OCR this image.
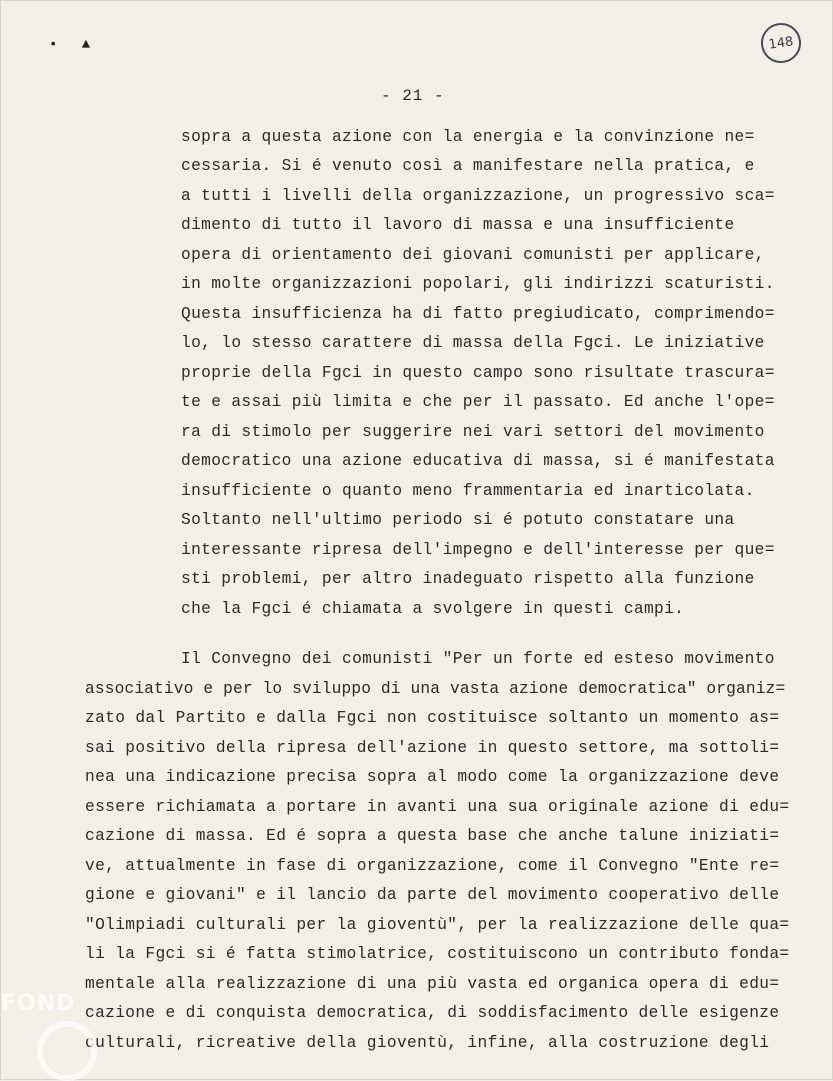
• ▲	148
- 21 -
sopra a questa azione con la energia e la convinzione ne=
cessaria. Si é venuto così a manifestare nella pratica, e
a tutti i livelli della organizzazione, un progressivo sca=
dimento di tutto il lavoro di massa e una insufficiente
opera di orientamento dei giovani comunisti per applicare,
in molte organizzazioni popolari, gli indirizzi scaturisti.
Questa insufficienza ha di fatto pregiudicato, comprimendo=
lo, lo stesso carattere di massa della Fgci. Le iniziative
proprie della Fgci in questo campo sono risultate trascura=
te e assai più limita e che per il passato. Ed anche l'ope=
ra di stimolo per suggerire nei vari settori del movimento
democratico una azione educativa di massa, si é manifestata
insufficiente o quanto meno frammentaria ed inarticolata.
Soltanto nell'ultimo periodo si é potuto constatare una
interessante ripresa dell'impegno e dell'interesse per que=
sti problemi, per altro inadeguato rispetto alla funzione
che la Fgci é chiamata a svolgere in questi campi.
Il Convegno dei comunisti "Per un forte ed esteso movimento
associativo e per lo sviluppo di una vasta azione democratica" organiz=
zato dal Partito e dalla Fgci non costituisce soltanto un momento as=
sai positivo della ripresa dell'azione in questo settore, ma sottoli=
nea una indicazione precisa sopra al modo come la organizzazione deve
essere richiamata a portare in avanti una sua originale azione di edu=
cazione di massa. Ed é sopra a questa base che anche talune iniziati=
ve, attualmente in fase di organizzazione, come il Convegno "Ente re=
gione e giovani" e il lancio da parte del movimento cooperativo delle
"Olimpiadi culturali per la gioventù", per la realizzazione delle qua=
li la Fgci si é fatta stimolatrice, costituiscono un contributo fonda=
mentale alla realizzazione di una più vasta ed organica opera di edu=
cazione e di conquista democratica, di soddisfacimento delle esigenze
culturali, ricreative della gioventù, infine, alla costruzione degli
FOND
